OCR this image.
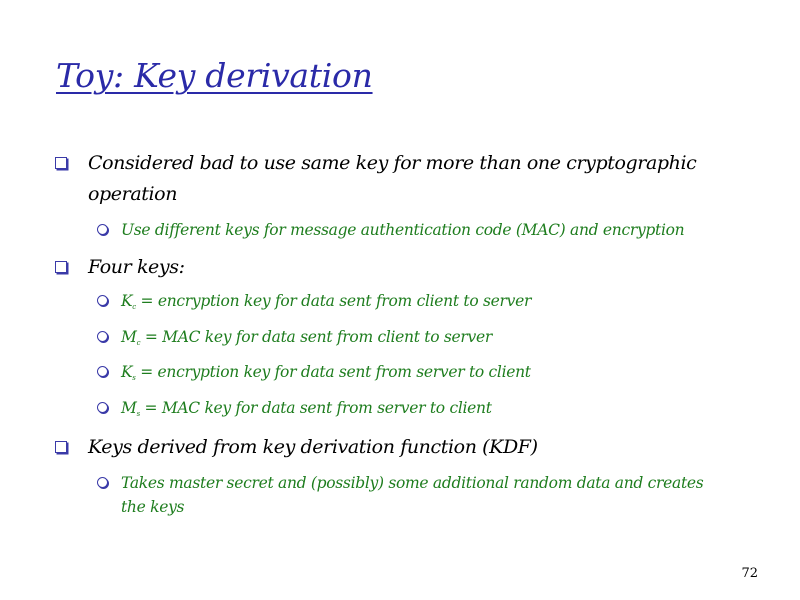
Toy: Key derivation
Considered bad to use same key for more than one cryptographic operation
Use different keys for message authentication code (MAC) and encryption
Four keys:
$K_c$ = encryption key for data sent from client to server
$M_c$ = MAC key for data sent from client to server
$K_s$ = encryption key for data sent from server to client
$M_s$ = MAC key for data sent from server to client
Keys derived from key derivation function (KDF)
Takes master secret and (possibly) some additional random data and creates the keys
72
